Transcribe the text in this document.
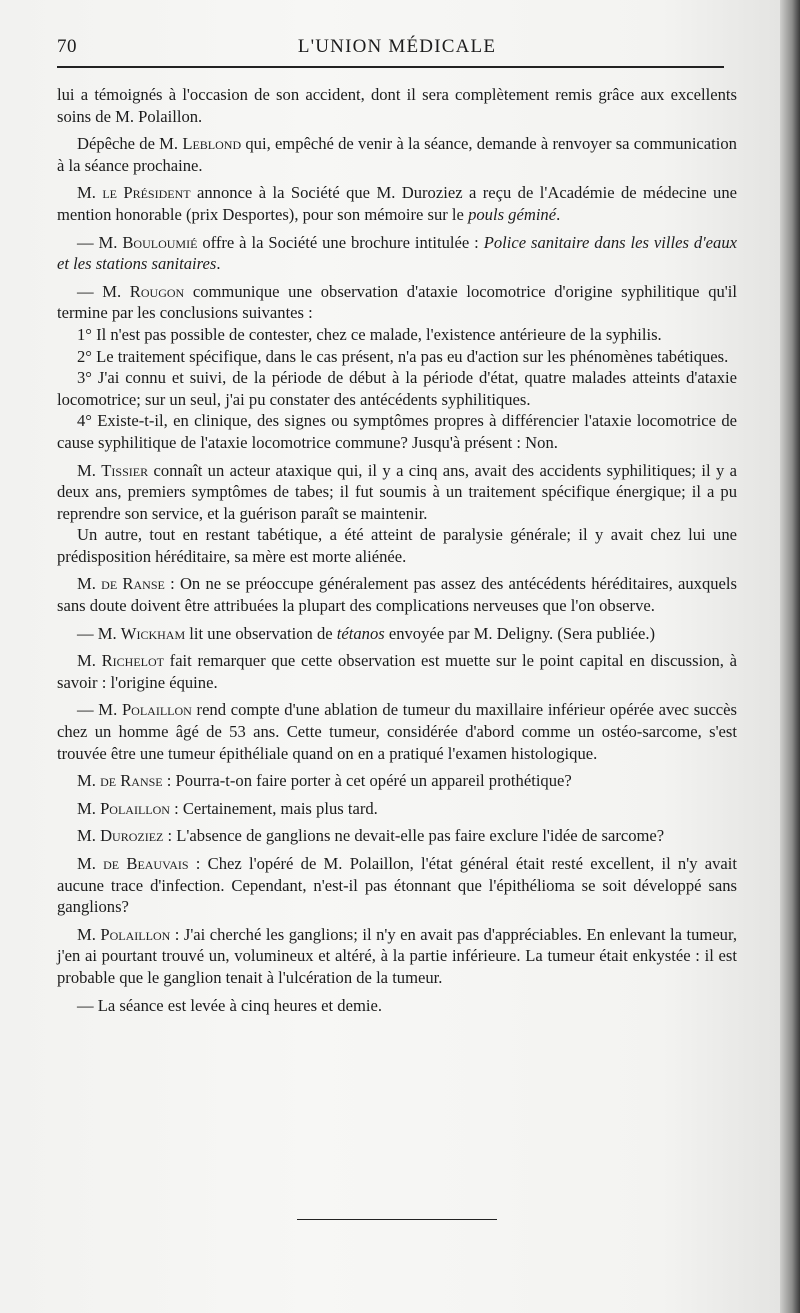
70	L'UNION MÉDICALE

lui a témoignés à l'occasion de son accident, dont il sera complètement remis grâce aux excellents soins de M. Polaillon.

Dépêche de M. Leblond qui, empêché de venir à la séance, demande à renvoyer sa communication à la séance prochaine.

M. le Président annonce à la Société que M. Duroziez a reçu de l'Académie de médecine une mention honorable (prix Desportes), pour son mémoire sur le pouls géminé.

— M. Bouloumié offre à la Société une brochure intitulée : Police sanitaire dans les villes d'eaux et les stations sanitaires.

— M. Rougon communique une observation d'ataxie locomotrice d'origine syphilitique qu'il termine par les conclusions suivantes :

1° Il n'est pas possible de contester, chez ce malade, l'existence antérieure de la syphilis.

2° Le traitement spécifique, dans le cas présent, n'a pas eu d'action sur les phénomènes tabétiques.

3° J'ai connu et suivi, de la période de début à la période d'état, quatre malades atteints d'ataxie locomotrice; sur un seul, j'ai pu constater des antécédents syphilitiques.

4° Existe-t-il, en clinique, des signes ou symptômes propres à différencier l'ataxie locomotrice de cause syphilitique de l'ataxie locomotrice commune? Jusqu'à présent : Non.

M. Tissier connaît un acteur ataxique qui, il y a cinq ans, avait des accidents syphilitiques; il y a deux ans, premiers symptômes de tabes; il fut soumis à un traitement spécifique énergique; il a pu reprendre son service, et la guérison paraît se maintenir.

Un autre, tout en restant tabétique, a été atteint de paralysie générale; il y avait chez lui une prédisposition héréditaire, sa mère est morte aliénée.

M. de Ranse : On ne se préoccupe généralement pas assez des antécédents héréditaires, auxquels sans doute doivent être attribuées la plupart des complications nerveuses que l'on observe.

— M. Wickham lit une observation de tétanos envoyée par M. Deligny. (Sera publiée.)

M. Richelot fait remarquer que cette observation est muette sur le point capital en discussion, à savoir : l'origine équine.

— M. Polaillon rend compte d'une ablation de tumeur du maxillaire inférieur opérée avec succès chez un homme âgé de 53 ans. Cette tumeur, considérée d'abord comme un ostéo-sarcome, s'est trouvée être une tumeur épithéliale quand on en a pratiqué l'examen histologique.

M. de Ranse : Pourra-t-on faire porter à cet opéré un appareil prothétique?

M. Polaillon : Certainement, mais plus tard.

M. Duroziez : L'absence de ganglions ne devait-elle pas faire exclure l'idée de sarcome?

M. de Beauvais : Chez l'opéré de M. Polaillon, l'état général était resté excellent, il n'y avait aucune trace d'infection. Cependant, n'est-il pas étonnant que l'épithélioma se soit développé sans ganglions?

M. Polaillon : J'ai cherché les ganglions; il n'y en avait pas d'appréciables. En enlevant la tumeur, j'en ai pourtant trouvé un, volumineux et altéré, à la partie inférieure. La tumeur était enkystée : il est probable que le ganglion tenait à l'ulcération de la tumeur.

— La séance est levée à cinq heures et demie.
